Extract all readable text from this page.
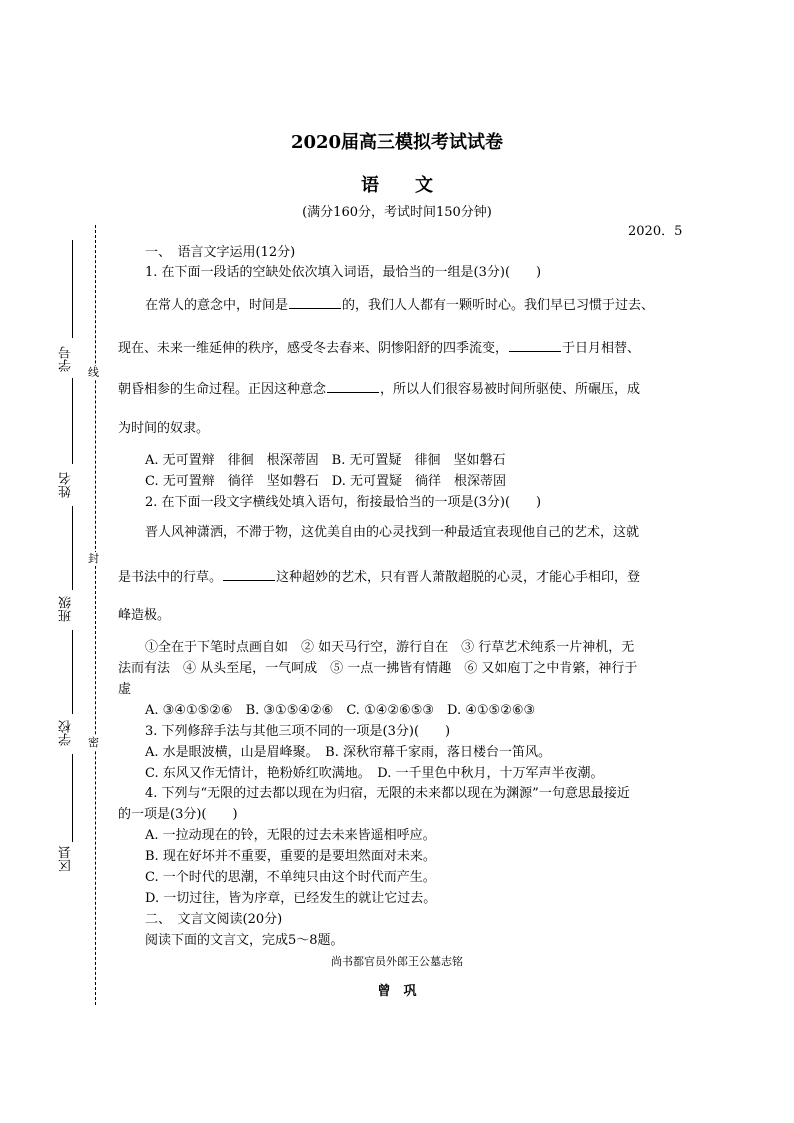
线
封
密
学号
姓名
班级
学校
区县
2020届高三模拟考试试卷
语　　文
(满分160分，考试时间150分钟)
2020．5
一、　语言文字运用(12分)
1. 在下面一段话的空缺处依次填入词语，最恰当的一组是(3分)(　　)
在常人的意念中，时间是	的，我们人人都有一颗听时心。我们早已习惯于过去、
现在、未来一维延伸的秩序，感受冬去春来、阴惨阳舒的四季流变，	于日月相替、
朝昏相参的生命过程。正因这种意念	，所以人们很容易被时间所驱使、所碾压，成
为时间的奴隶。
A. 无可置辩　徘徊　根深蒂固　B. 无可置疑　徘徊　坚如磐石
C. 无可置辩　徜徉　坚如磐石　D. 无可置疑　徜徉　根深蒂固
2. 在下面一段文字横线处填入语句，衔接最恰当的一项是(3分)(　　)
晋人风神潇洒，不滞于物，这优美自由的心灵找到一种最适宜表现他自己的艺术，这就
是书法中的行草。	这种超妙的艺术，只有晋人萧散超脱的心灵，才能心手相印，登
峰造极。
①全在于下笔时点画自如　② 如天马行空，游行自在　③ 行草艺术纯系一片神机，无
法而有法　④ 从头至尾，一气呵成　⑤ 一点一拂皆有情趣　⑥ 又如庖丁之中肯綮，神行于
虚
A. ③④①⑤②⑥　B. ③①⑤④②⑥　C. ①④②⑥⑤③　D. ④①⑤②⑥③
3. 下列修辞手法与其他三项不同的一项是(3分)(　　)
A. 水是眼波横，山是眉峰聚。　B. 深秋帘幕千家雨，落日楼台一笛风。
C. 东风又作无情计，艳粉娇红吹满地。　D. 一千里色中秋月，十万军声半夜潮。
4. 下列与“无限的过去都以现在为归宿，无限的未来都以现在为渊源”一句意思最接近
的一项是(3分)(　　)
A. 一拉动现在的铃，无限的过去未来皆遥相呼应。
B. 现在好坏并不重要，重要的是要坦然面对未来。
C. 一个时代的思潮，不单纯只由这个时代而产生。
D. 一切过往，皆为序章，已经发生的就让它过去。
二、　文言文阅读(20分)
阅读下面的文言文，完成5～8题。
尚书都官员外郎王公墓志铭
曾　巩
